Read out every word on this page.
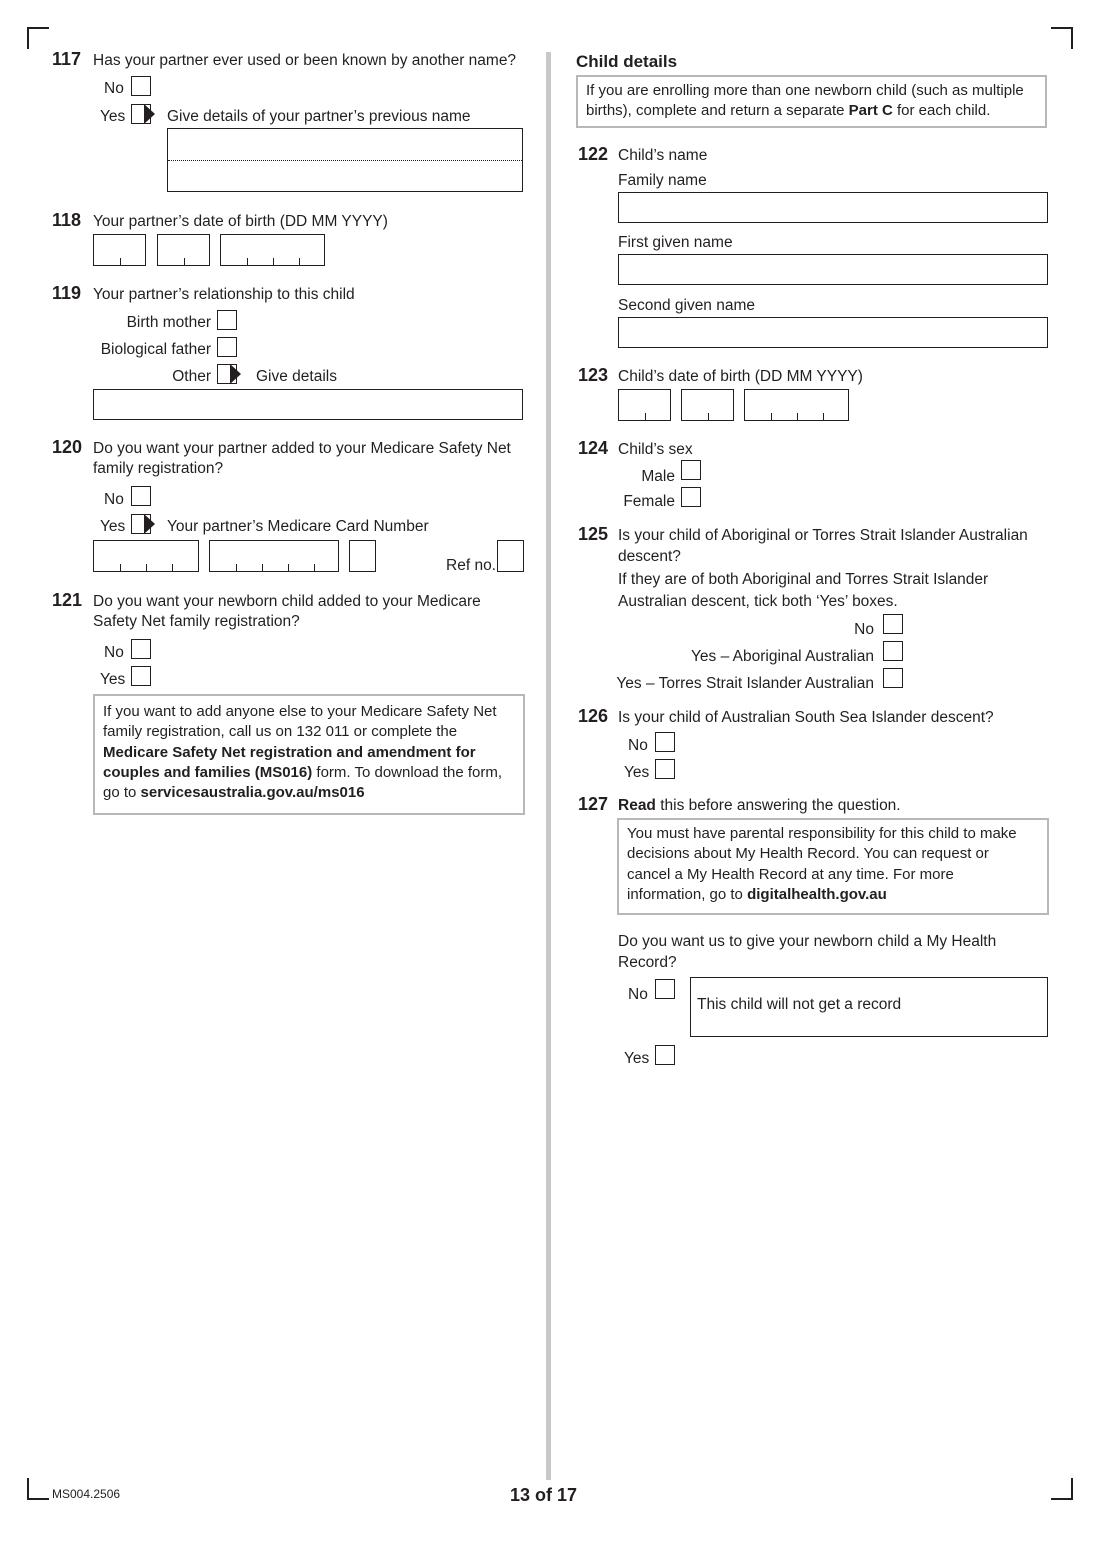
117 Has your partner ever used or been known by another name?
No
Yes	Give details of your partner’s previous name
118 Your partner’s date of birth (DD MM YYYY)
119 Your partner’s relationship to this child
Birth mother
Biological father
Other	Give details
120 Do you want your partner added to your Medicare Safety Net
family registration?
No
Yes	Your partner’s Medicare Card Number
Ref no.
121 Do you want your newborn child added to your Medicare
Safety Net family registration?
No
Yes
If you want to add anyone else to your Medicare Safety Net
family registration, call us on 132 011 or complete the
Medicare Safety Net registration and amendment for
couples and families (MS016) form. To download the form,
go to servicesaustralia.gov.au/ms016
Child details
If you are enrolling more than one newborn child (such as multiple
births), complete and return a separate Part C for each child.
122 Child’s name
Family name
First given name
Second given name
123 Child’s date of birth (DD MM YYYY)
124 Child’s sex
Male
Female
125 Is your child of Aboriginal or Torres Strait Islander Australian
descent?
If they are of both Aboriginal and Torres Strait Islander
Australian descent, tick both ‘Yes’ boxes.
No
Yes – Aboriginal Australian
Yes – Torres Strait Islander Australian
126 Is your child of Australian South Sea Islander descent?
No
Yes
127 Read this before answering the question.
You must have parental responsibility for this child to make
decisions about My Health Record. You can request or
cancel a My Health Record at any time. For more
information, go to digitalhealth.gov.au
Do you want us to give your newborn child a My Health
Record?
No
This child will not get a record
Yes
MS004.2506	13 of 17
